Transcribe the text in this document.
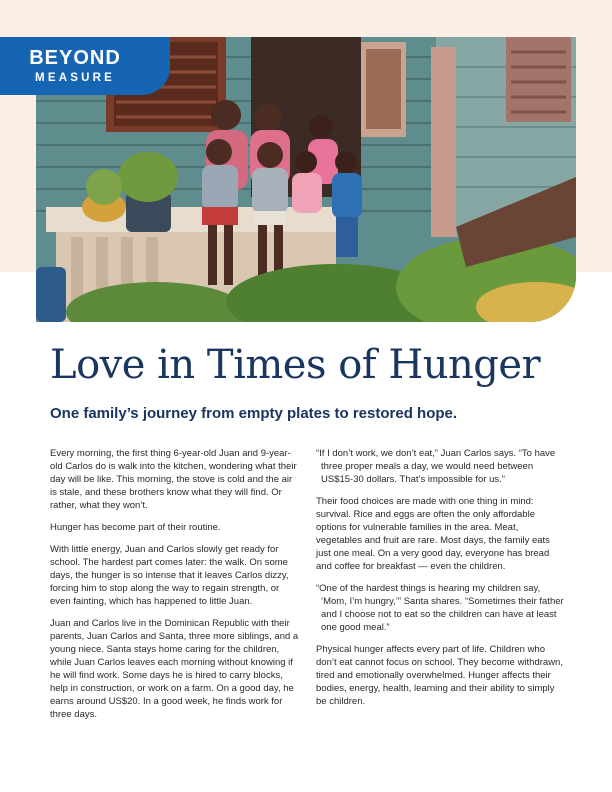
BEYOND
MEASURE
Love in Times of Hunger
One family’s journey from empty plates to restored hope.

Every morning, the first thing 6-year-old Juan and 9-year-old Carlos do is walk into the kitchen, wondering what their day will be like. This morning, the stove is cold and the air is stale, and these brothers know what they will find. Or rather, what they won’t.

Hunger has become part of their routine.

With little energy, Juan and Carlos slowly get ready for school. The hardest part comes later: the walk. On some days, the hunger is so intense that it leaves Carlos dizzy, forcing him to stop along the way to regain strength, or even fainting, which has happened to little Juan.

Juan and Carlos live in the Dominican Republic with their parents, Juan Carlos and Santa, three more siblings, and a young niece. Santa stays home caring for the children, while Juan Carlos leaves each morning without knowing if he will find work. Some days he is hired to carry blocks, help in construction, or work on a farm. On a good day, he earns around US$20. In a good week, he finds work for three days.

“If I don’t work, we don’t eat,” Juan Carlos says. “To have three proper meals a day, we would need between US$15-30 dollars. That’s impossible for us.”

Their food choices are made with one thing in mind: survival. Rice and eggs are often the only affordable options for vulnerable families in the area. Meat, vegetables and fruit are rare. Most days, the family eats just one meal. On a very good day, everyone has bread and coffee for breakfast — even the children.

“One of the hardest things is hearing my children say, ‘Mom, I’m hungry,’” Santa shares. “Sometimes their father and I choose not to eat so the children can have at least one good meal.”

Physical hunger affects every part of life. Children who don’t eat cannot focus on school. They become withdrawn, tired and emotionally overwhelmed. Hunger affects their bodies, energy, health, learning and their ability to simply be children.
